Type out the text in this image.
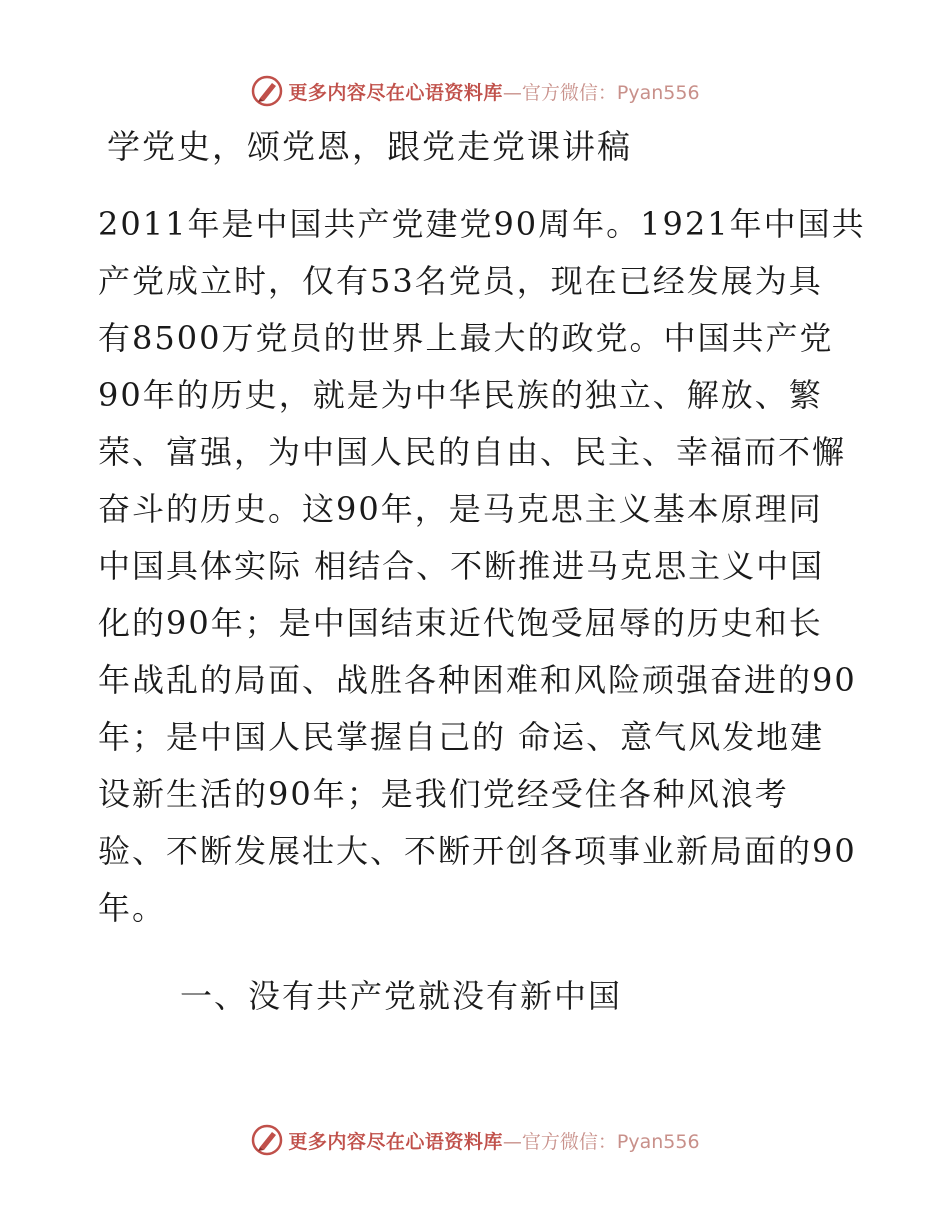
更多内容尽在心语资料库 —官方微信：Pyan556
学党史，颂党恩，跟党走党课讲稿
2011年是中国共产党建党90周年。1921年中国共
产党成立时，仅有53名党员，现在已经发展为具
有8500万党员的世界上最大的政党。中国共产党
90年的历史，就是为中华民族的独立、解放、繁
荣、富强，为中国人民的自由、民主、幸福而不懈
奋斗的历史。这90年，是马克思主义基本原理同
中国具体实际 相结合、不断推进马克思主义中国
化的90年；是中国结束近代饱受屈辱的历史和长
年战乱的局面、战胜各种困难和风险顽强奋进的90
年；是中国人民掌握自己的 命运、意气风发地建
设新生活的90年；是我们党经受住各种风浪考
验、不断发展壮大、不断开创各项事业新局面的90
年。
一、没有共产党就没有新中国
更多内容尽在心语资料库 —官方微信：Pyan556
